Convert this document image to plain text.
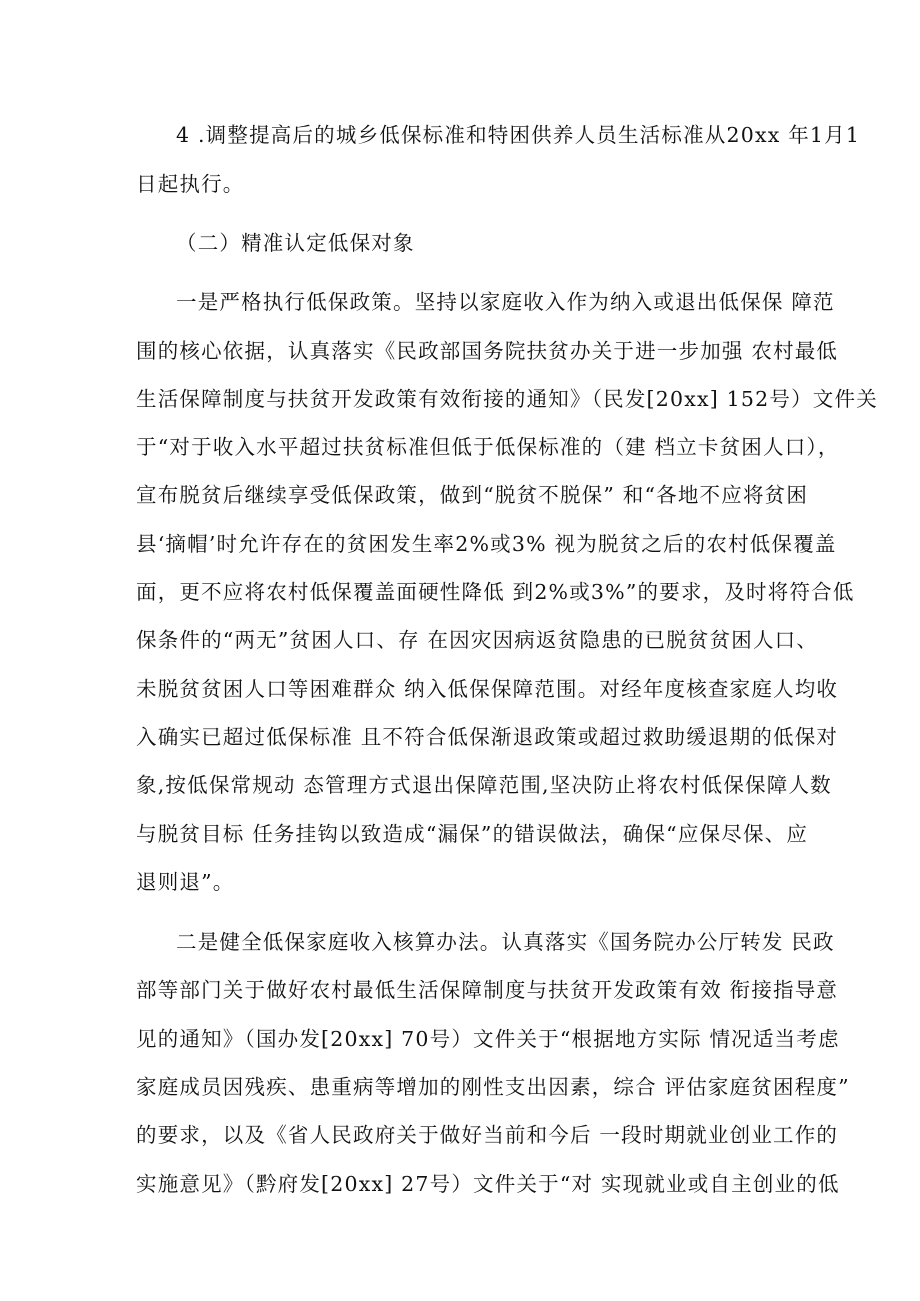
4 .调整提高后的城乡低保标准和特困供养人员生活标准从20xx 年1月1
日起执行。
（二）精准认定低保对象
一是严格执行低保政策。坚持以家庭收入作为纳入或退出低保保 障范
围的核心依据，认真落实《民政部国务院扶贫办关于进一步加强 农村最低
生活保障制度与扶贫开发政策有效衔接的通知》（民发[20xx] 152号）文件关
于“对于收入水平超过扶贫标准但低于低保标准的（建 档立卡贫困人口），
宣布脱贫后继续享受低保政策，做到“脱贫不脱保” 和“各地不应将贫困
县‘摘帽’时允许存在的贫困发生率2%或3% 视为脱贫之后的农村低保覆盖
面，更不应将农村低保覆盖面硬性降低 到2%或3%”的要求，及时将符合低
保条件的“两无”贫困人口、存 在因灾因病返贫隐患的已脱贫贫困人口、
未脱贫贫困人口等困难群众 纳入低保保障范围。对经年度核查家庭人均收
入确实已超过低保标准 且不符合低保渐退政策或超过救助缓退期的低保对
象,按低保常规动 态管理方式退出保障范围,坚决防止将农村低保保障人数
与脱贫目标 任务挂钩以致造成“漏保”的错误做法，确保“应保尽保、应
退则退”。
二是健全低保家庭收入核算办法。认真落实《国务院办公厅转发 民政
部等部门关于做好农村最低生活保障制度与扶贫开发政策有效 衔接指导意
见的通知》（国办发[20xx] 70号）文件关于“根据地方实际 情况适当考虑
家庭成员因残疾、患重病等增加的刚性支出因素，综合 评估家庭贫困程度”
的要求，以及《省人民政府关于做好当前和今后 一段时期就业创业工作的
实施意见》（黔府发[20xx] 27号）文件关于“对 实现就业或自主创业的低
